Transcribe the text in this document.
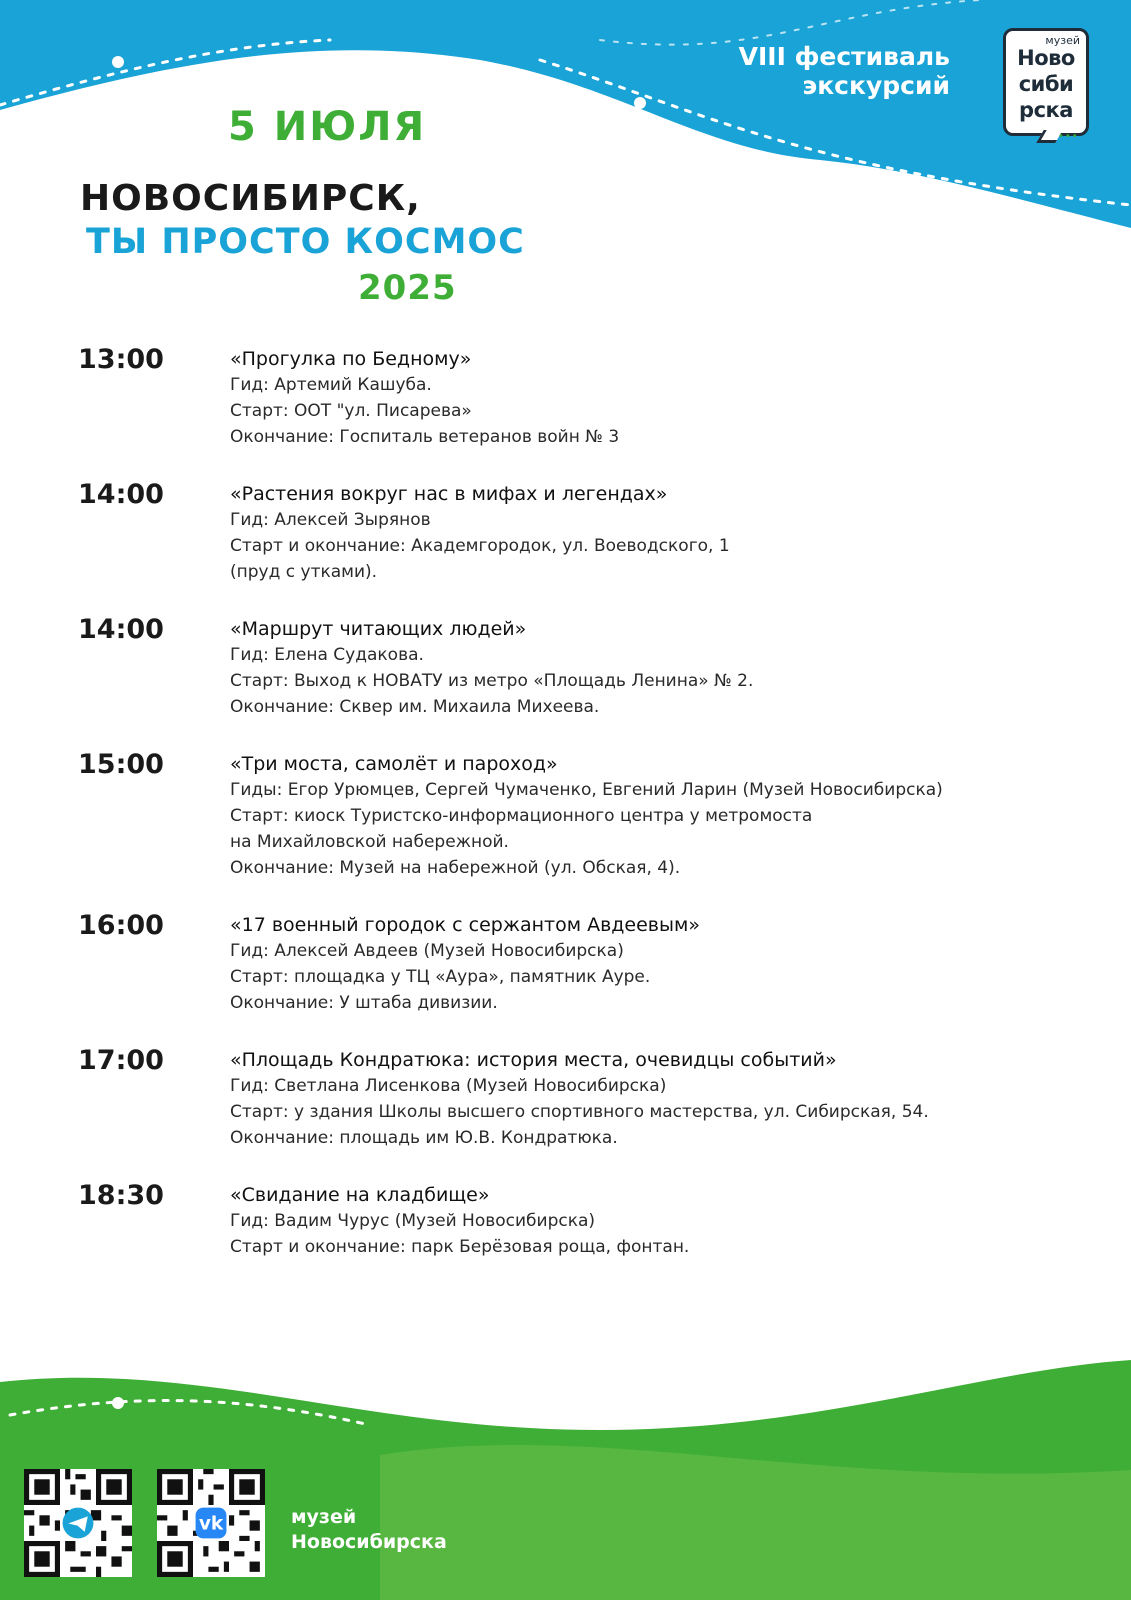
VIII фестиваль
экскурсий
музей
Ново
сиби
рска
•••
5 ИЮЛЯ
НОВОСИБИРСК,
ТЫ ПРОСТО КОСМОС
2025
13:00	«Прогулка по Бедному»
Гид: Артемий Кашуба.
Старт: ООТ "ул. Писарева»
Окончание: Госпиталь ветеранов войн № 3
14:00	«Растения вокруг нас в мифах и легендах»
Гид: Алексей Зырянов
Старт и окончание: Академгородок, ул. Воеводского, 1
(пруд с утками).
14:00	«Маршрут читающих людей»
Гид: Елена Судакова.
Старт: Выход к НОВАТУ из метро «Площадь Ленина» № 2.
Окончание: Сквер им. Михаила Михеева.
15:00	«Три моста, самолёт и пароход»
Гиды: Егор Урюмцев, Сергей Чумаченко, Евгений Ларин (Музей Новосибирска)
Старт: киоск Туристско-информационного центра у метромоста
на Михайловской набережной.
Окончание: Музей на набережной (ул. Обская, 4).
16:00	«17 военный городок с сержантом Авдеевым»
Гид: Алексей Авдеев (Музей Новосибирска)
Старт: площадка у ТЦ «Аура», памятник Ауре.
Окончание: У штаба дивизии.
17:00	«Площадь Кондратюка: история места, очевидцы событий»
Гид: Светлана Лисенкова (Музей Новосибирска)
Старт: у здания Школы высшего спортивного мастерства, ул. Сибирская, 54.
Окончание: площадь им Ю.В. Кондратюка.
18:30	«Свидание на кладбище»
Гид: Вадим Чурус (Музей Новосибирска)
Старт и окончание: парк Берёзовая роща, фонтан.
vk	музей
Новосибирска
